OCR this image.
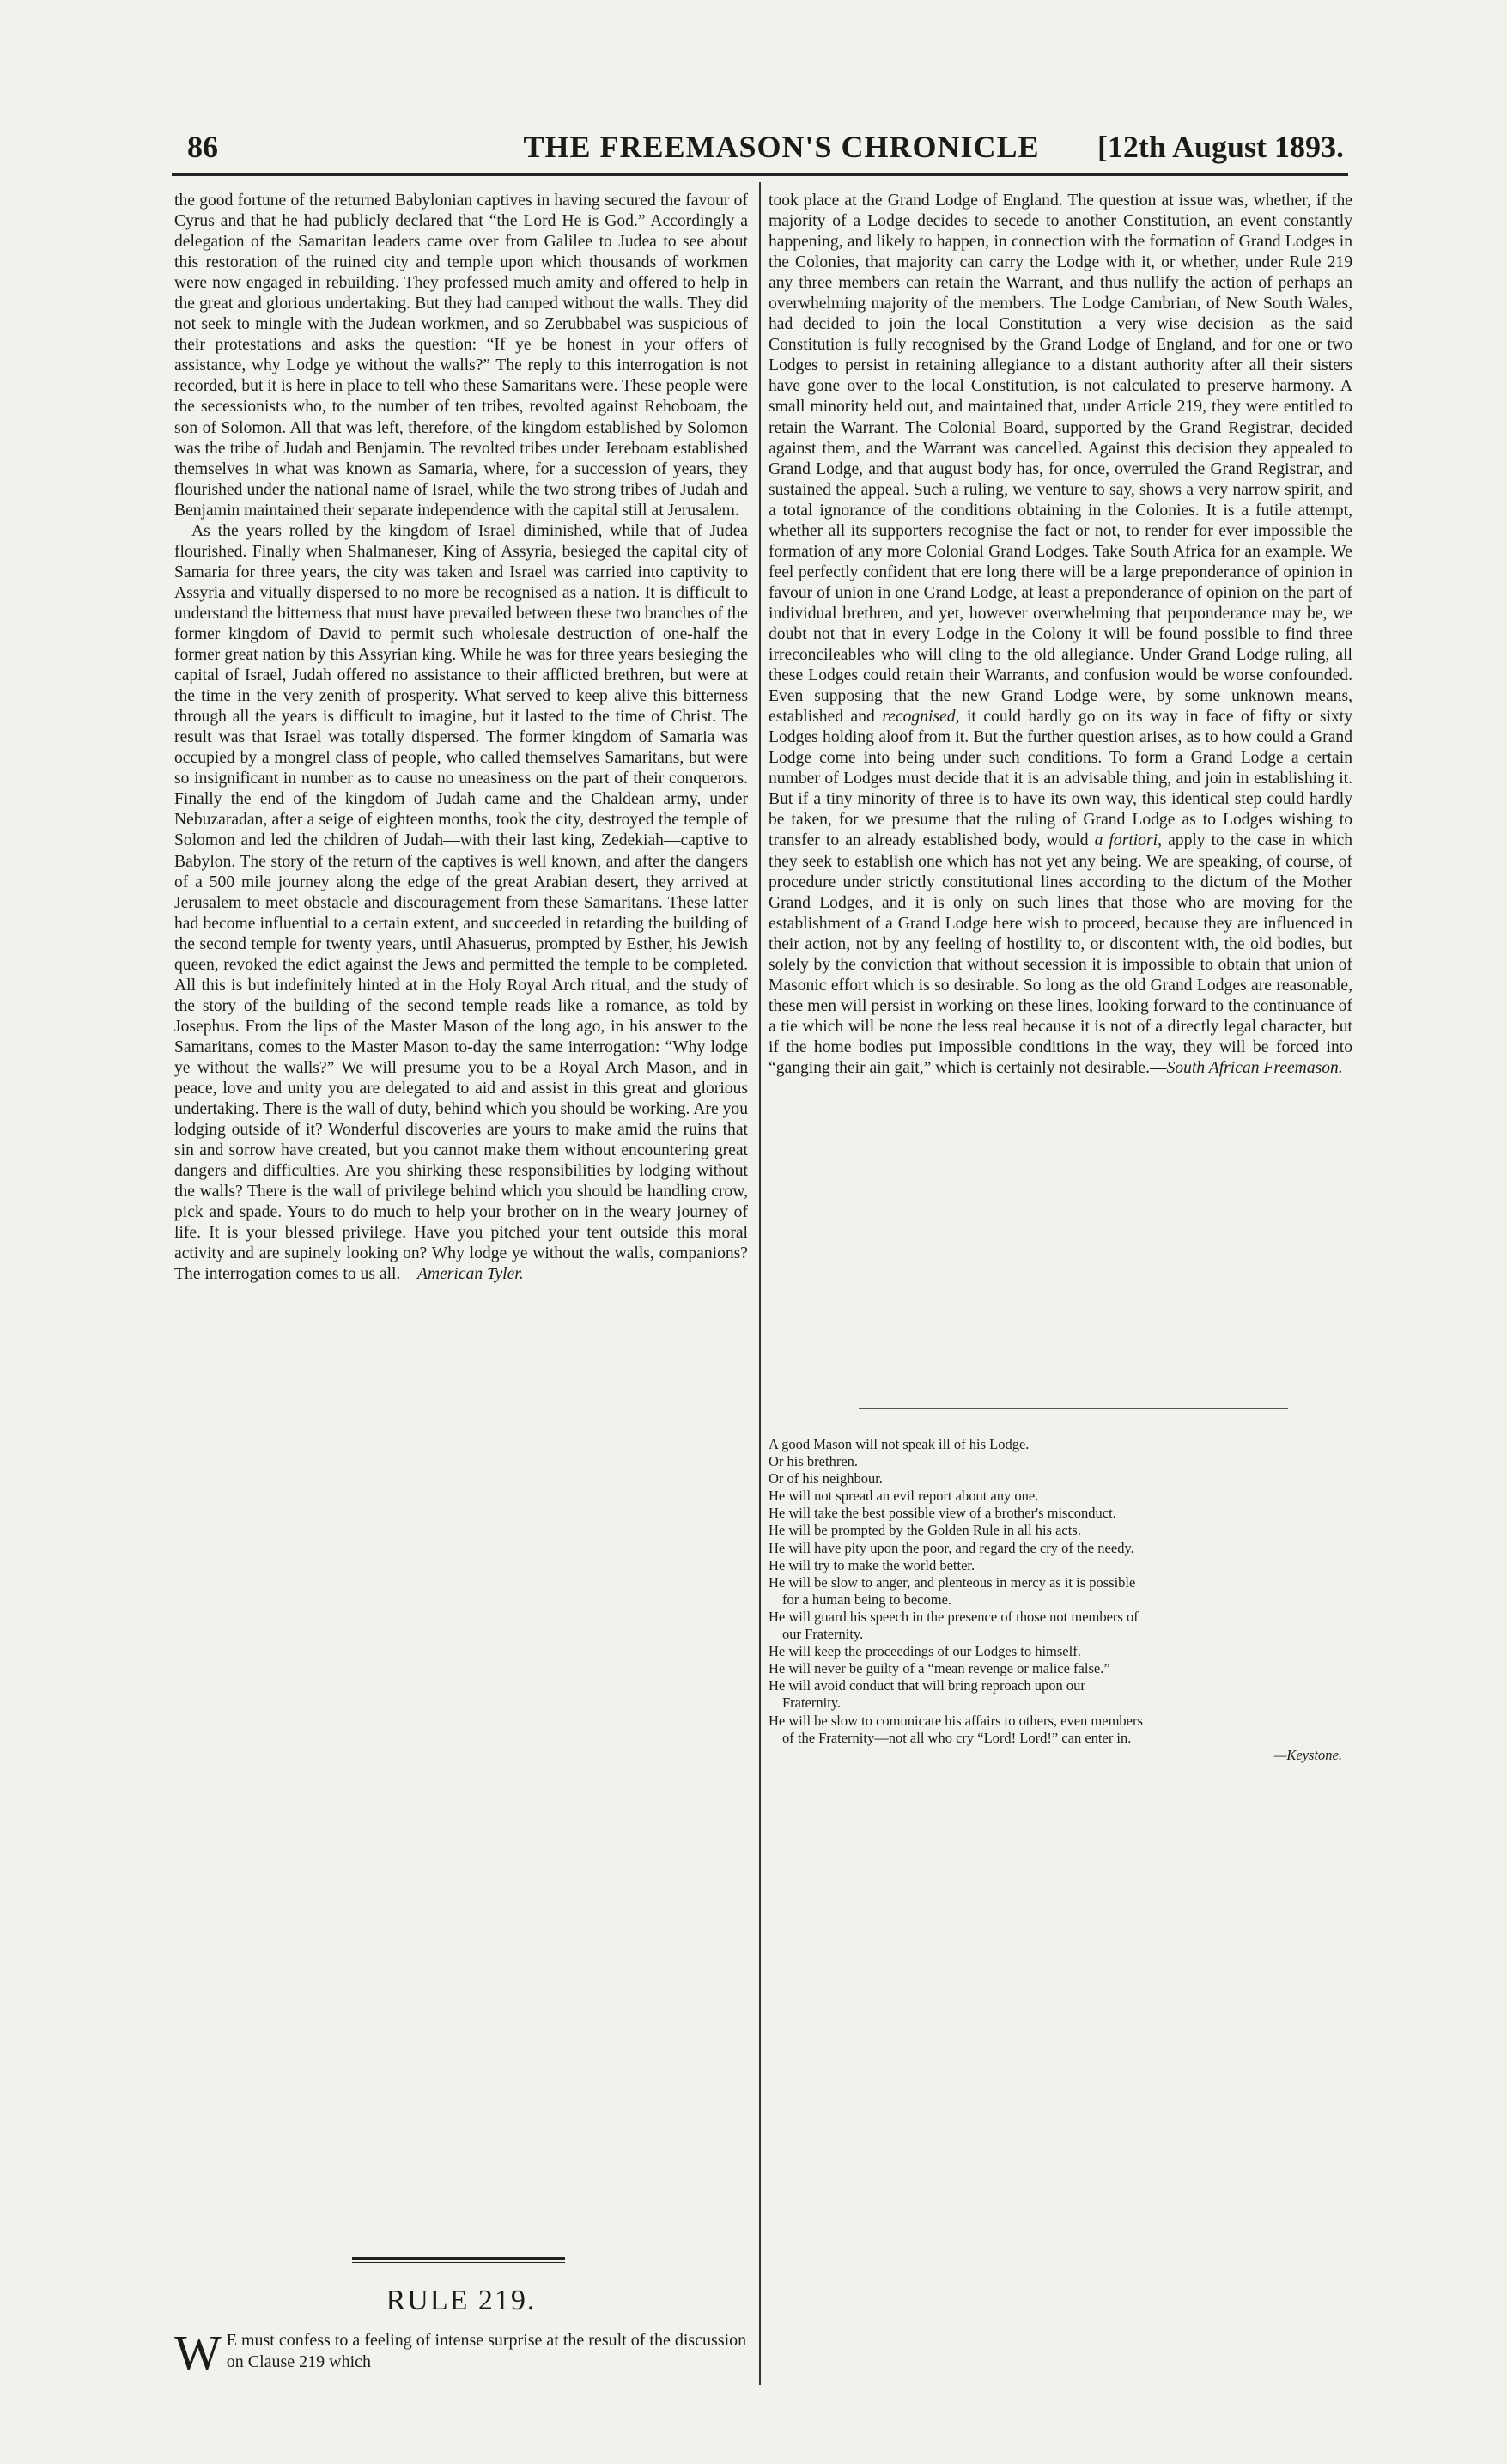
86	THE FREEMASON'S CHRONICLE [12th August 1893.

the good fortune of the returned Babylonian captives in having secured the favour of Cyrus and that he had publicly declared that “the Lord He is God.” Accordingly a delegation of the Samaritan leaders came over from Galilee to Judea to see about this restoration of the ruined city and temple upon which thousands of workmen were now engaged in rebuilding. They professed much amity and offered to help in the great and glorious undertaking. But they had camped without the walls. They did not seek to mingle with the Judean workmen, and so Zerubbabel was suspicious of their protestations and asks the question: “If ye be honest in your offers of assistance, why Lodge ye without the walls?” The reply to this interrogation is not recorded, but it is here in place to tell who these Samaritans were. These people were the secessionists who, to the number of ten tribes, revolted against Rehoboam, the son of Solomon. All that was left, therefore, of the kingdom established by Solomon was the tribe of Judah and Benjamin. The revolted tribes under Jereboam established themselves in what was known as Samaria, where, for a succession of years, they flourished under the national name of Israel, while the two strong tribes of Judah and Benjamin maintained their separate independence with the capital still at Jerusalem.

As the years rolled by the kingdom of Israel diminished, while that of Judea flourished. Finally when Shalmaneser, King of Assyria, besieged the capital city of Samaria for three years, the city was taken and Israel was carried into captivity to Assyria and vitually dispersed to no more be recognised as a nation. It is difficult to understand the bitterness that must have prevailed between these two branches of the former kingdom of David to permit such wholesale destruction of one-half the former great nation by this Assyrian king. While he was for three years besieging the capital of Israel, Judah offered no assistance to their afflicted brethren, but were at the time in the very zenith of prosperity. What served to keep alive this bitterness through all the years is difficult to imagine, but it lasted to the time of Christ. The result was that Israel was totally dispersed. The former kingdom of Samaria was occupied by a mongrel class of people, who called themselves Samaritans, but were so insignificant in number as to cause no uneasiness on the part of their conquerors. Finally the end of the kingdom of Judah came and the Chaldean army, under Nebuzaradan, after a seige of eighteen months, took the city, destroyed the temple of Solomon and led the children of Judah—with their last king, Zedekiah—captive to Babylon. The story of the return of the captives is well known, and after the dangers of a 500 mile journey along the edge of the great Arabian desert, they arrived at Jerusalem to meet obstacle and discouragement from these Samaritans. These latter had become influential to a certain extent, and succeeded in retarding the building of the second temple for twenty years, until Ahasuerus, prompted by Esther, his Jewish queen, revoked the edict against the Jews and permitted the temple to be completed. All this is but indefinitely hinted at in the Holy Royal Arch ritual, and the study of the story of the building of the second temple reads like a romance, as told by Josephus. From the lips of the Master Mason of the long ago, in his answer to the Samaritans, comes to the Master Mason to-day the same interrogation: “Why lodge ye without the walls?” We will presume you to be a Royal Arch Mason, and in peace, love and unity you are delegated to aid and assist in this great and glorious undertaking. There is the wall of duty, behind which you should be working. Are you lodging outside of it? Wonderful discoveries are yours to make amid the ruins that sin and sorrow have created, but you cannot make them without encountering great dangers and difficulties. Are you shirking these responsibilities by lodging without the walls? There is the wall of privilege behind which you should be handling crow, pick and spade. Yours to do much to help your brother on in the weary journey of life. It is your blessed privilege. Have you pitched your tent outside this moral activity and are supinely looking on? Why lodge ye without the walls, companions? The interrogation comes to us all.—American Tyler.

RULE 219.
W E must confess to a feeling of intense surprise at the result of the discussion on Clause 219 which

took place at the Grand Lodge of England. The question at issue was, whether, if the majority of a Lodge decides to secede to another Constitution, an event constantly happening, and likely to happen, in connection with the formation of Grand Lodges in the Colonies, that majority can carry the Lodge with it, or whether, under Rule 219 any three members can retain the Warrant, and thus nullify the action of perhaps an overwhelming majority of the members. The Lodge Cambrian, of New South Wales, had decided to join the local Constitution—a very wise decision—as the said Constitution is fully recognised by the Grand Lodge of England, and for one or two Lodges to persist in retaining allegiance to a distant authority after all their sisters have gone over to the local Constitution, is not calculated to preserve harmony. A small minority held out, and maintained that, under Article 219, they were entitled to retain the Warrant. The Colonial Board, supported by the Grand Registrar, decided against them, and the Warrant was cancelled. Against this decision they appealed to Grand Lodge, and that august body has, for once, overruled the Grand Registrar, and sustained the appeal. Such a ruling, we venture to say, shows a very narrow spirit, and a total ignorance of the conditions obtaining in the Colonies. It is a futile attempt, whether all its supporters recognise the fact or not, to render for ever impossible the formation of any more Colonial Grand Lodges. Take South Africa for an example. We feel perfectly confident that ere long there will be a large preponderance of opinion in favour of union in one Grand Lodge, at least a preponderance of opinion on the part of individual brethren, and yet, however overwhelming that perponderance may be, we doubt not that in every Lodge in the Colony it will be found possible to find three irreconcileables who will cling to the old allegiance. Under Grand Lodge ruling, all these Lodges could retain their Warrants, and confusion would be worse confounded. Even supposing that the new Grand Lodge were, by some unknown means, established and recognised, it could hardly go on its way in face of fifty or sixty Lodges holding aloof from it. But the further question arises, as to how could a Grand Lodge come into being under such conditions. To form a Grand Lodge a certain number of Lodges must decide that it is an advisable thing, and join in establishing it. But if a tiny minority of three is to have its own way, this identical step could hardly be taken, for we presume that the ruling of Grand Lodge as to Lodges wishing to transfer to an already established body, would a fortiori, apply to the case in which they seek to establish one which has not yet any being. We are speaking, of course, of procedure under strictly constitutional lines according to the dictum of the Mother Grand Lodges, and it is only on such lines that those who are moving for the establishment of a Grand Lodge here wish to proceed, because they are influenced in their action, not by any feeling of hostility to, or discontent with, the old bodies, but solely by the conviction that without secession it is impossible to obtain that union of Masonic effort which is so desirable. So long as the old Grand Lodges are reasonable, these men will persist in working on these lines, looking forward to the continuance of a tie which will be none the less real because it is not of a directly legal character, but if the home bodies put impossible conditions in the way, they will be forced into “ganging their ain gait,” which is certainly not desirable.—South African Freemason.

A good Mason will not speak ill of his Lodge.
Or his brethren.
Or of his neighbour.
He will not spread an evil report about any one.
He will take the best possible view of a brother's misconduct.
He will be prompted by the Golden Rule in all his acts.
He will have pity upon the poor, and regard the cry of the needy.
He will try to make the world better.
He will be slow to anger, and plenteous in mercy as it is possible
for a human being to become.
He will guard his speech in the presence of those not members of
our Fraternity.
He will keep the proceedings of our Lodges to himself.
He will never be guilty of a “mean revenge or malice false.”
He will avoid conduct that will bring reproach upon our
Fraternity.
He will be slow to comunicate his affairs to others, even members
of the Fraternity—not all who cry “Lord! Lord!” can enter in.
—Keystone.
